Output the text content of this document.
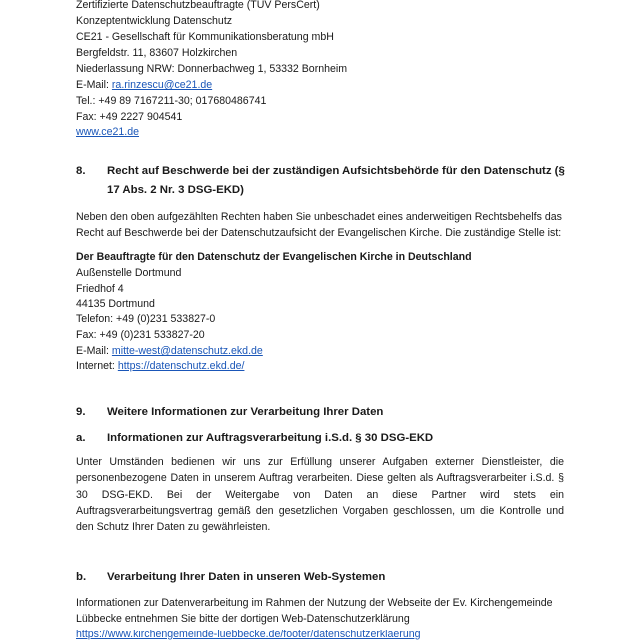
Zertifizierte Datenschutzbeauftragte (TÜV PersCert)
Konzeptentwicklung Datenschutz
CE21 - Gesellschaft für Kommunikationsberatung mbH
Bergfeldstr. 11, 83607 Holzkirchen
Niederlassung NRW: Donnerbachweg 1, 53332 Bornheim
E-Mail: ra.rinzescu@ce21.de
Tel.: +49 89 7167211-30; 017680486741
Fax: +49 2227 904541
www.ce21.de
8. Recht auf Beschwerde bei der zuständigen Aufsichtsbehörde für den Datenschutz (§
17 Abs. 2 Nr. 3 DSG-EKD)
Neben den oben aufgezählten Rechten haben Sie unbeschadet eines anderweitigen Rechtsbehelfs das
Recht auf Beschwerde bei der Datenschutzaufsicht der Evangelischen Kirche. Die zuständige Stelle ist:
Der Beauftragte für den Datenschutz der Evangelischen Kirche in Deutschland
Außenstelle Dortmund
Friedhof 4
44135 Dortmund
Telefon: +49 (0)231 533827-0
Fax: +49 (0)231 533827-20
E-Mail: mitte-west@datenschutz.ekd.de
Internet: https://datenschutz.ekd.de/
9. Weitere Informationen zur Verarbeitung Ihrer Daten
a. Informationen zur Auftragsverarbeitung i.S.d. § 30 DSG-EKD
Unter Umständen bedienen wir uns zur Erfüllung unserer Aufgaben externer Dienstleister, die
personenbezogene Daten in unserem Auftrag verarbeiten. Diese gelten als Auftragsverarbeiter i.S.d. §
30 DSG-EKD. Bei der Weitergabe von Daten an diese Partner wird stets ein
Auftragsverarbeitungsvertrag gemäß den gesetzlichen Vorgaben geschlossen, um die Kontrolle und
den Schutz Ihrer Daten zu gewährleisten.
b. Verarbeitung Ihrer Daten in unseren Web-Systemen
Informationen zur Datenverarbeitung im Rahmen der Nutzung der Webseite der Ev. Kirchengemeinde
Lübbecke entnehmen Sie bitte der dortigen Web-Datenschutzerklärung
https://www.kirchengemeinde-luebbecke.de/footer/datenschutzerklaerung
